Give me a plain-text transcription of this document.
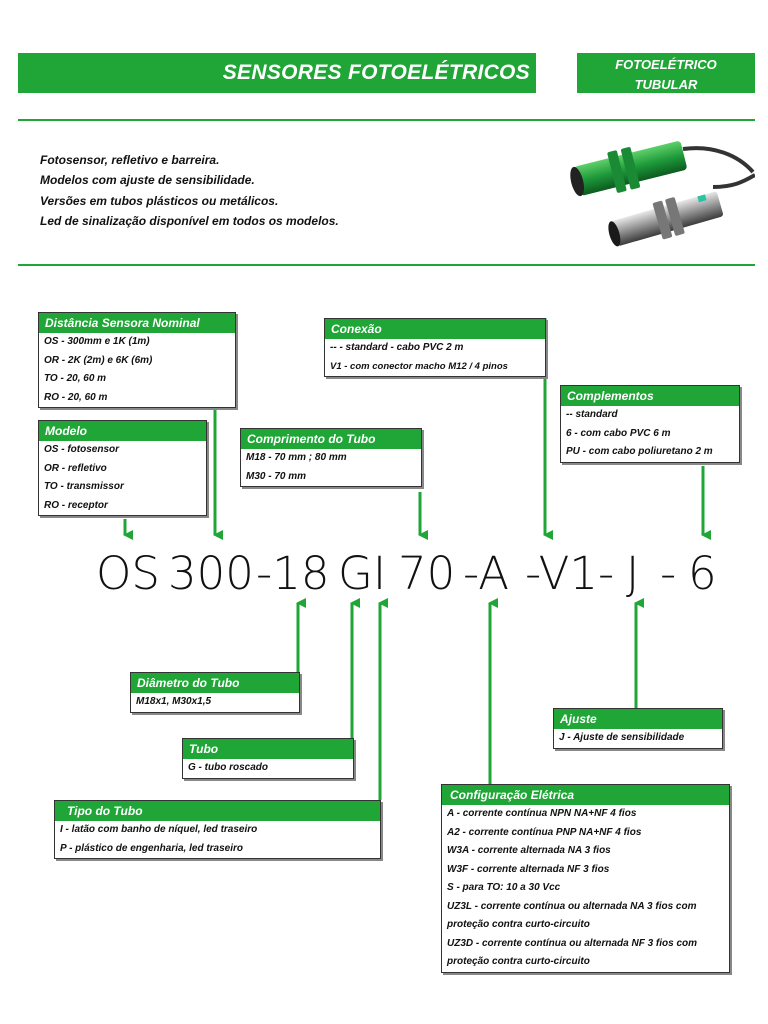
SENSORES FOTOELÉTRICOS	FOTOELÉTRICO
TUBULAR
Fotosensor, refletivo e barreira.
Modelos com ajuste de sensibilidade.
Versões em tubos plásticos ou metálicos.
Led de sinalização disponível em todos os modelos.
Distância Sensora Nominal
OS - 300mm e 1K (1m)
OR - 2K (2m) e 6K (6m)
TO - 20, 60 m
RO - 20, 60 m
Modelo
OS - fotosensor
OR - refletivo
TO - transmissor
RO - receptor
Conexão
-- - standard - cabo PVC 2 m
V1 - com conector macho M12 / 4 pinos
Comprimento do Tubo
M18 - 70 mm ; 80 mm
M30 - 70 mm
Complementos
-- standard
6 - com cabo PVC 6 m
PU - com cabo poliuretano 2 m
OS 300 -18 GI 70 -A -V1 - J - 6
Diâmetro do Tubo
M18x1, M30x1,5
Tubo
G - tubo roscado
Tipo do Tubo
I - latão com banho de níquel, led traseiro
P - plástico de engenharia, led traseiro
Ajuste
J - Ajuste de sensibilidade
Configuração Elétrica
A - corrente contínua NPN NA+NF 4 fios
A2 - corrente contínua PNP NA+NF 4 fios
W3A - corrente alternada NA 3 fios
W3F - corrente alternada NF 3 fios
S - para TO: 10 a 30 Vcc
UZ3L - corrente contínua ou alternada NA 3 fios com
proteção contra curto-circuito
UZ3D - corrente contínua ou alternada NF 3 fios com
proteção contra curto-circuito
